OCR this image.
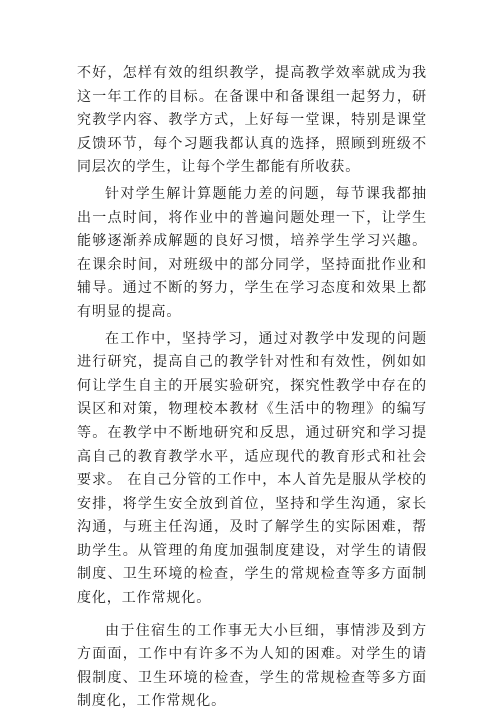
不好，怎样有效的组织教学，提高教学效率就成为我这一年工作的目标。在备课中和备课组一起努力，研究教学内容、教学方式，上好每一堂课，特别是课堂反馈环节，每个习题我都认真的选择，照顾到班级不同层次的学生，让每个学生都能有所收获。

针对学生解计算题能力差的问题，每节课我都抽出一点时间，将作业中的普遍问题处理一下，让学生能够逐渐养成解题的良好习惯，培养学生学习兴趣。在课余时间，对班级中的部分同学，坚持面批作业和辅导。通过不断的努力，学生在学习态度和效果上都有明显的提高。

在工作中，坚持学习，通过对教学中发现的问题进行研究，提高自己的教学针对性和有效性，例如如何让学生自主的开展实验研究，探究性教学中存在的误区和对策，物理校本教材《生活中的物理》的编写等。在教学中不断地研究和反思，通过研究和学习提高自己的教育教学水平，适应现代的教育形式和社会要求。 在自己分管的工作中，本人首先是服从学校的安排，将学生安全放到首位，坚持和学生沟通，家长沟通，与班主任沟通，及时了解学生的实际困难，帮助学生。从管理的角度加强制度建设，对学生的请假制度、卫生环境的检查，学生的常规检查等多方面制度化，工作常规化。

由于住宿生的工作事无大小巨细，事情涉及到方方面面，工作中有许多不为人知的困难。对学生的请假制度、卫生环境的检查，学生的常规检查等多方面制度化，工作常规化。
